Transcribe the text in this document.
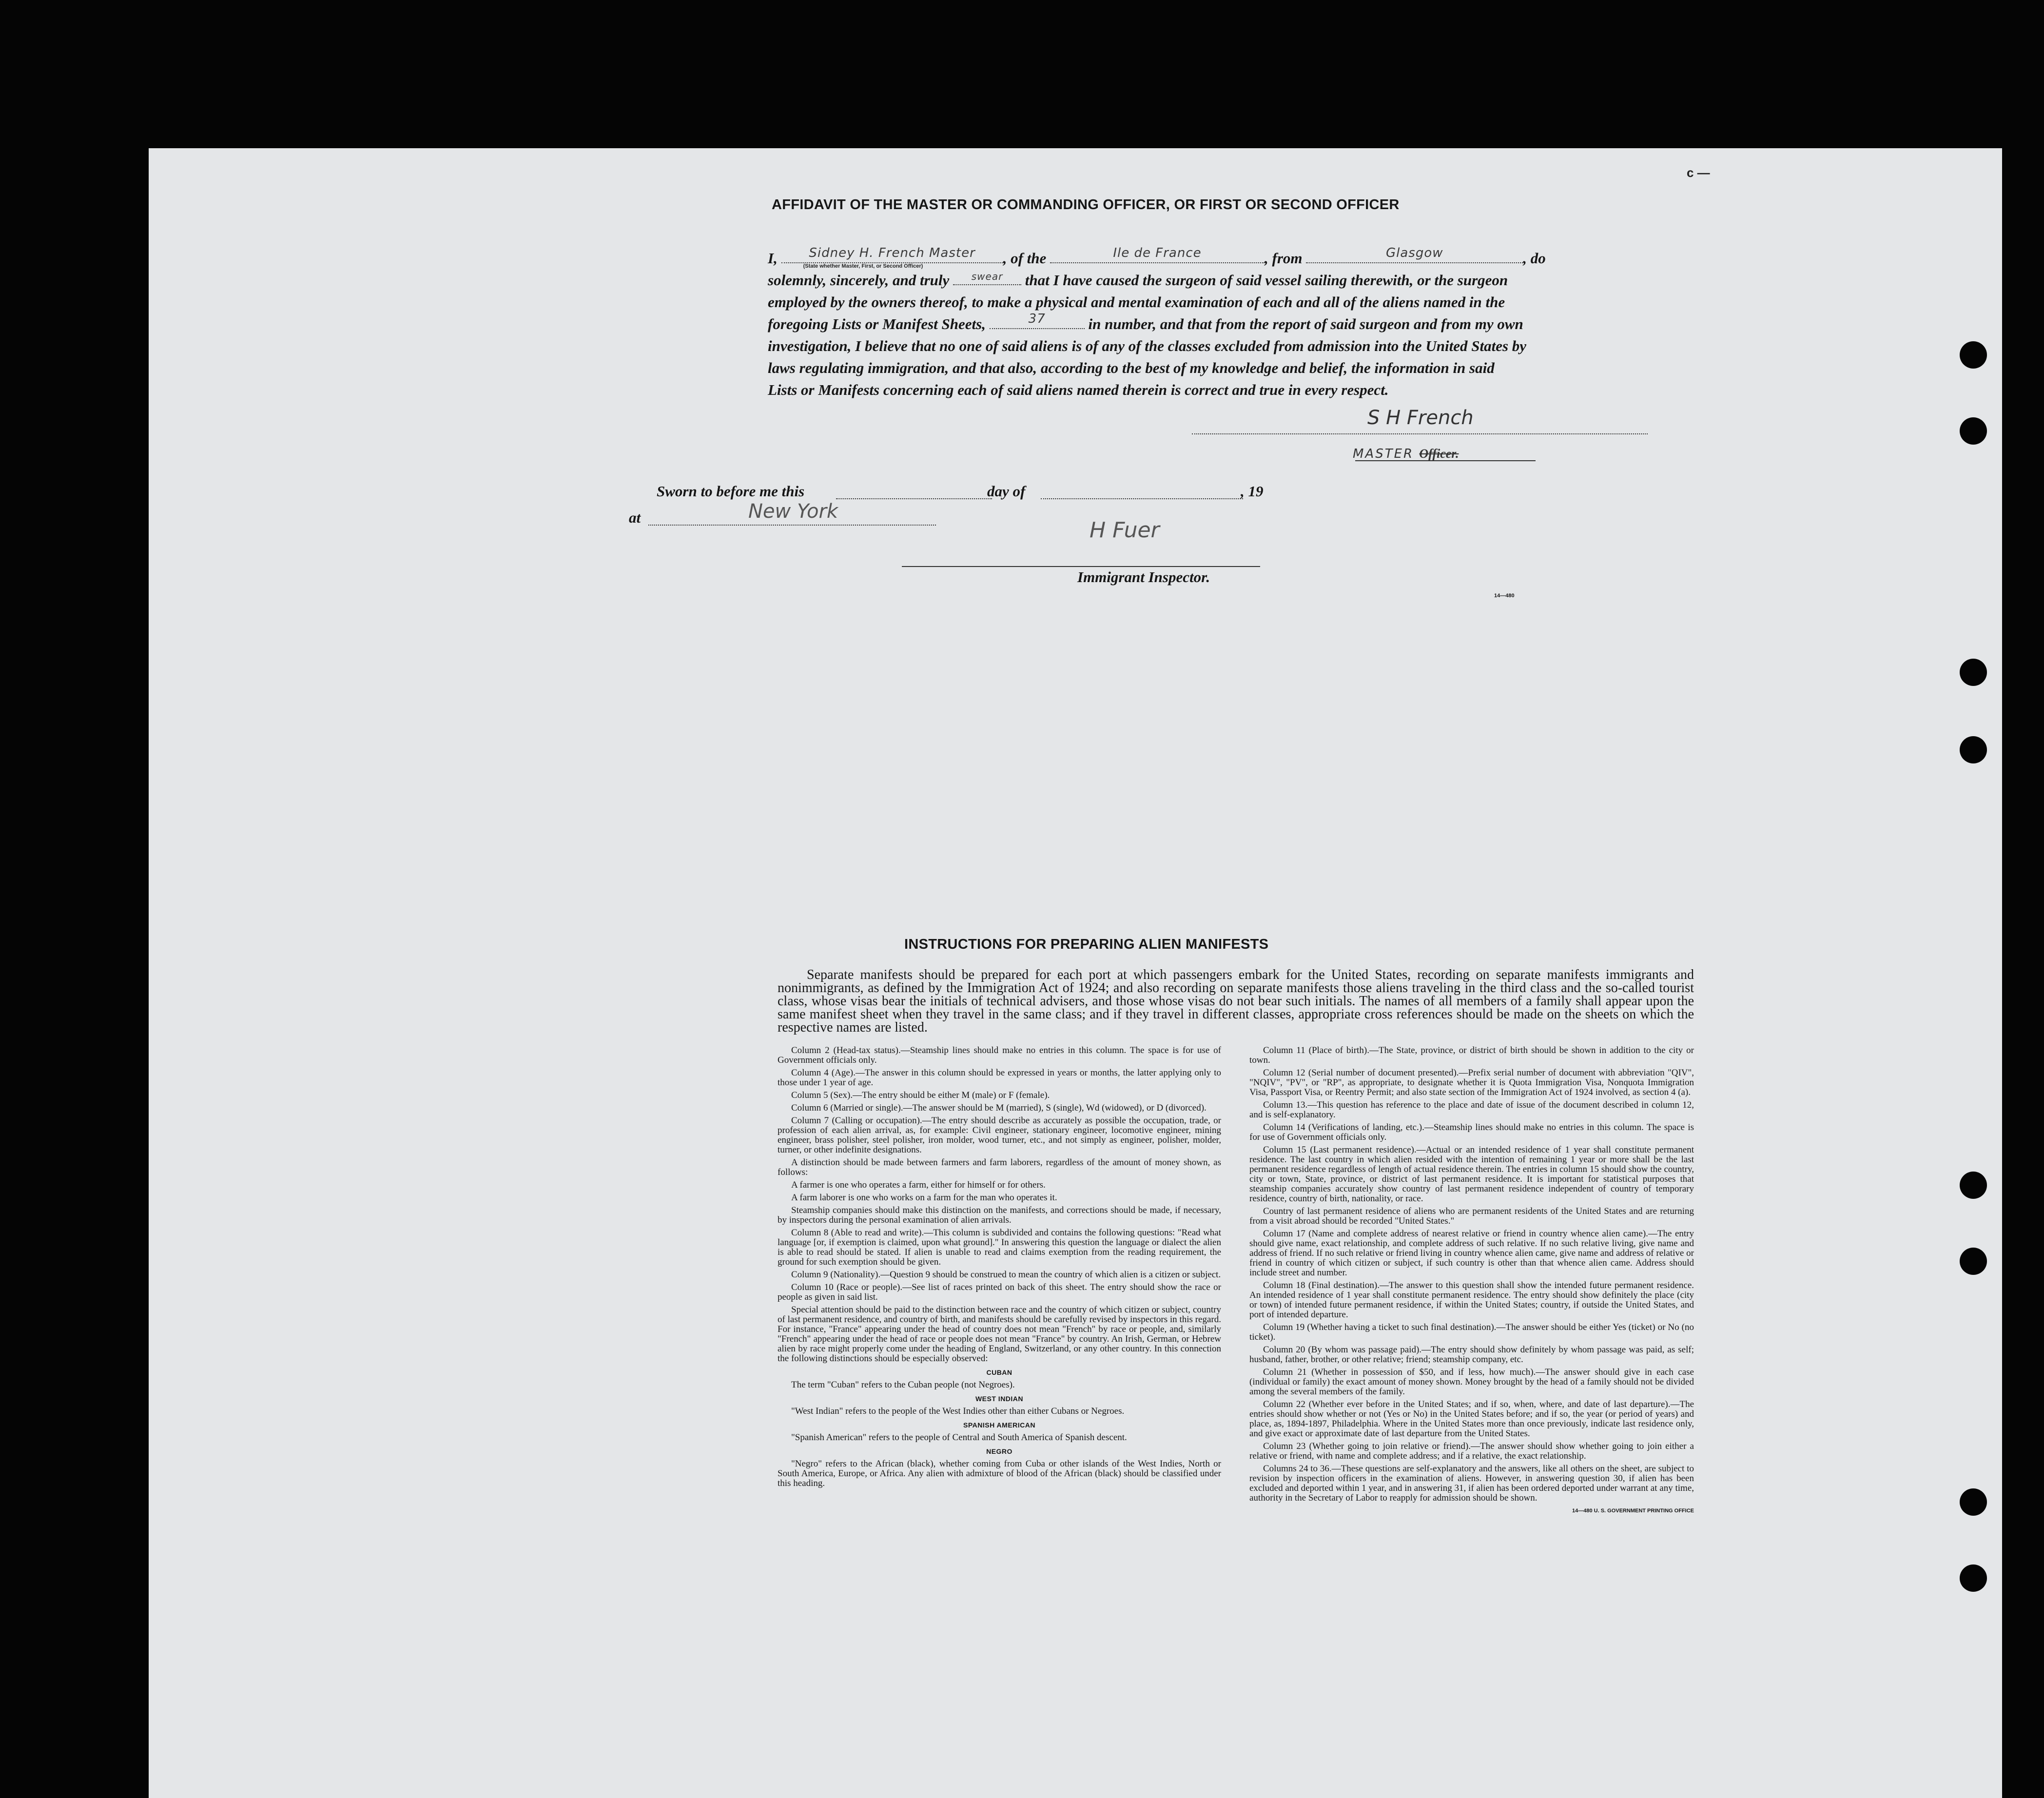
c —
AFFIDAVIT OF THE MASTER OR COMMANDING OFFICER, OR FIRST OR SECOND OFFICER
I,	Sidney H. French Master
(State whether Master, First, or Second Officer)	, of the	Ile de France	, from	Glasgow	, do
solemnly, sincerely, and truly	swear	that I have caused the surgeon of said vessel sailing therewith, or the surgeon
employed by the owners thereof, to make a physical and mental examination of each and all of the aliens named in the
foregoing Lists or Manifest Sheets,	37	in number, and that from the report of said surgeon and from my own
investigation, I believe that no one of said aliens is of any of the classes excluded from admission into the United States by
laws regulating immigration, and that also, according to the best of my knowledge and belief, the information in said
Lists or Manifests concerning each of said aliens named therein is correct and true in every respect.
S H French
MASTER Officer.
Sworn to before me this	day of	, 19
at	New York
H Fuer
Immigrant Inspector.
14—480
INSTRUCTIONS FOR PREPARING ALIEN MANIFESTS
Separate manifests should be prepared for each port at which passengers embark for the United States, recording on separate manifests immigrants and nonimmigrants, as defined by the Immigration Act of 1924; and also recording on separate manifests those aliens traveling in the third class and the so-called tourist class, whose visas bear the initials of technical advisers, and those whose visas do not bear such initials. The names of all members of a family shall appear upon the same manifest sheet when they travel in the same class; and if they travel in different classes, appropriate cross references should be made on the sheets on which the respective names are listed.

Column 2 (Head-tax status).—Steamship lines should make no entries in this column. The space is for use of Government officials only.

Column 4 (Age).—The answer in this column should be expressed in years or months, the latter applying only to those under 1 year of age.

Column 5 (Sex).—The entry should be either M (male) or F (female).

Column 6 (Married or single).—The answer should be M (married), S (single), Wd (widowed), or D (divorced).

Column 7 (Calling or occupation).—The entry should describe as accurately as possible the occupation, trade, or profession of each alien arrival, as, for example: Civil engineer, stationary engineer, locomotive engineer, mining engineer, brass polisher, steel polisher, iron molder, wood turner, etc., and not simply as engineer, polisher, molder, turner, or other indefinite designations.

A distinction should be made between farmers and farm laborers, regardless of the amount of money shown, as follows:

A farmer is one who operates a farm, either for himself or for others.

A farm laborer is one who works on a farm for the man who operates it.

Steamship companies should make this distinction on the manifests, and corrections should be made, if necessary, by inspectors during the personal examination of alien arrivals.

Column 8 (Able to read and write).—This column is subdivided and contains the following questions: "Read what language [or, if exemption is claimed, upon what ground]." In answering this question the language or dialect the alien is able to read should be stated. If alien is unable to read and claims exemption from the reading requirement, the ground for such exemption should be given.

Column 9 (Nationality).—Question 9 should be construed to mean the country of which alien is a citizen or subject.

Column 10 (Race or people).—See list of races printed on back of this sheet. The entry should show the race or people as given in said list.

Special attention should be paid to the distinction between race and the country of which citizen or subject, country of last permanent residence, and country of birth, and manifests should be carefully revised by inspectors in this regard. For instance, "France" appearing under the head of country does not mean "French" by race or people, and, similarly "French" appearing under the head of race or people does not mean "France" by country. An Irish, German, or Hebrew alien by race might properly come under the heading of England, Switzerland, or any other country. In this connection the following distinctions should be especially observed:

CUBAN

The term "Cuban" refers to the Cuban people (not Negroes).

WEST INDIAN

"West Indian" refers to the people of the West Indies other than either Cubans or Negroes.

SPANISH AMERICAN

"Spanish American" refers to the people of Central and South America of Spanish descent.

NEGRO

"Negro" refers to the African (black), whether coming from Cuba or other islands of the West Indies, North or South America, Europe, or Africa. Any alien with admixture of blood of the African (black) should be classified under this heading.

Column 11 (Place of birth).—The State, province, or district of birth should be shown in addition to the city or town.

Column 12 (Serial number of document presented).—Prefix serial number of document with abbreviation "QIV", "NQIV", "PV", or "RP", as appropriate, to designate whether it is Quota Immigration Visa, Nonquota Immigration Visa, Passport Visa, or Reentry Permit; and also state section of the Immigration Act of 1924 involved, as section 4 (a).

Column 13.—This question has reference to the place and date of issue of the document described in column 12, and is self-explanatory.

Column 14 (Verifications of landing, etc.).—Steamship lines should make no entries in this column. The space is for use of Government officials only.

Column 15 (Last permanent residence).—Actual or an intended residence of 1 year shall constitute permanent residence. The last country in which alien resided with the intention of remaining 1 year or more shall be the last permanent residence regardless of length of actual residence therein. The entries in column 15 should show the country, city or town, State, province, or district of last permanent residence. It is important for statistical purposes that steamship companies accurately show country of last permanent residence independent of country of temporary residence, country of birth, nationality, or race.

Country of last permanent residence of aliens who are permanent residents of the United States and are returning from a visit abroad should be recorded "United States."

Column 17 (Name and complete address of nearest relative or friend in country whence alien came).—The entry should give name, exact relationship, and complete address of such relative. If no such relative living, give name and address of friend. If no such relative or friend living in country whence alien came, give name and address of relative or friend in country of which citizen or subject, if such country is other than that whence alien came. Address should include street and number.

Column 18 (Final destination).—The answer to this question shall show the intended future permanent residence. An intended residence of 1 year shall constitute permanent residence. The entry should show definitely the place (city or town) of intended future permanent residence, if within the United States; country, if outside the United States, and port of intended departure.

Column 19 (Whether having a ticket to such final destination).—The answer should be either Yes (ticket) or No (no ticket).

Column 20 (By whom was passage paid).—The entry should show definitely by whom passage was paid, as self; husband, father, brother, or other relative; friend; steamship company, etc.

Column 21 (Whether in possession of $50, and if less, how much).—The answer should give in each case (individual or family) the exact amount of money shown. Money brought by the head of a family should not be divided among the several members of the family.

Column 22 (Whether ever before in the United States; and if so, when, where, and date of last departure).—The entries should show whether or not (Yes or No) in the United States before; and if so, the year (or period of years) and place, as, 1894-1897, Philadelphia. Where in the United States more than once previously, indicate last residence only, and give exact or approximate date of last departure from the United States.

Column 23 (Whether going to join relative or friend).—The answer should show whether going to join either a relative or friend, with name and complete address; and if a relative, the exact relationship.

Columns 24 to 36.—These questions are self-explanatory and the answers, like all others on the sheet, are subject to revision by inspection officers in the examination of aliens. However, in answering question 30, if alien has been excluded and deported within 1 year, and in answering 31, if alien has been ordered deported under warrant at any time, authority in the Secretary of Labor to reapply for admission should be shown.

14—480 U. S. GOVERNMENT PRINTING OFFICE
